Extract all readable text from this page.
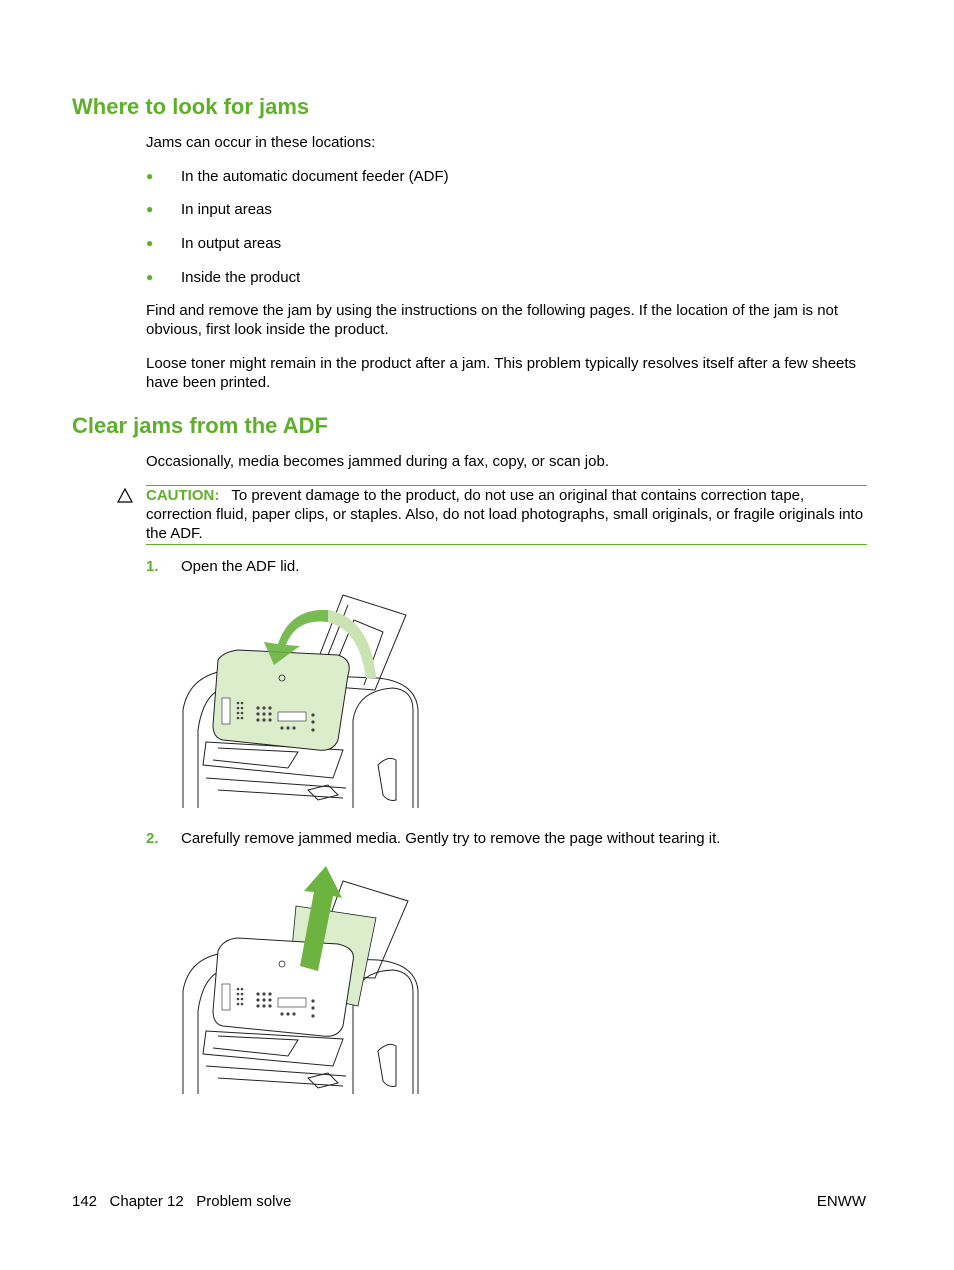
Where to look for jams

Jams can occur in these locations:

● In the automatic document feeder (ADF)
● In input areas
● In output areas
● Inside the product

Find and remove the jam by using the instructions on the following pages. If the location of the jam is not obvious, first look inside the product.

Loose toner might remain in the product after a jam. This problem typically resolves itself after a few sheets have been printed.

Clear jams from the ADF

Occasionally, media becomes jammed during a fax, copy, or scan job.

CAUTION: To prevent damage to the product, do not use an original that contains correction tape, correction fluid, paper clips, or staples. Also, do not load photographs, small originals, or fragile originals into the ADF.

1. Open the ADF lid.
2. Carefully remove jammed media. Gently try to remove the page without tearing it.
142   Chapter 12   Problem solve	ENWW
